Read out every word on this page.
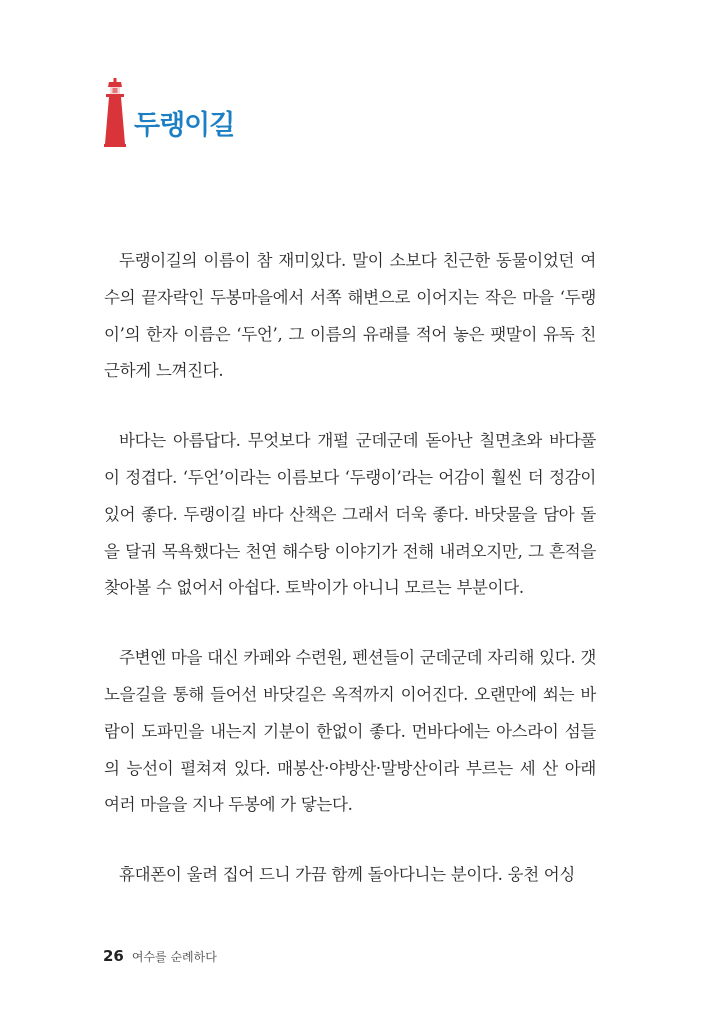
두랭이길

두랭이길의 이름이 참 재미있다. 말이 소보다 친근한 동물이었던 여수의 끝자락인 두봉마을에서 서쪽 해변으로 이어지는 작은 마을 ‘두랭이’의 한자 이름은 ‘두언’, 그 이름의 유래를 적어 놓은 팻말이 유독 친근하게 느껴진다.

바다는 아름답다. 무엇보다 개펄 군데군데 돋아난 칠면초와 바다풀이 정겹다. ‘두언’이라는 이름보다 ‘두랭이’라는 어감이 훨씬 더 정감이 있어 좋다. 두랭이길 바다 산책은 그래서 더욱 좋다. 바닷물을 담아 돌을 달궈 목욕했다는 천연 해수탕 이야기가 전해 내려오지만, 그 흔적을 찾아볼 수 없어서 아쉽다. 토박이가 아니니 모르는 부분이다.

주변엔 마을 대신 카페와 수련원, 펜션들이 군데군데 자리해 있다. 갯노을길을 통해 들어선 바닷길은 옥적까지 이어진다. 오랜만에 쐬는 바람이 도파민을 내는지 기분이 한없이 좋다. 먼바다에는 아스라이 섬들의 능선이 펼쳐져 있다. 매봉산·야방산·말방산이라 부르는 세 산 아래 여러 마을을 지나 두봉에 가 닿는다.

휴대폰이 울려 집어 드니 가끔 함께 돌아다니는 분이다. 웅천 어싱

26 여수를 순례하다
